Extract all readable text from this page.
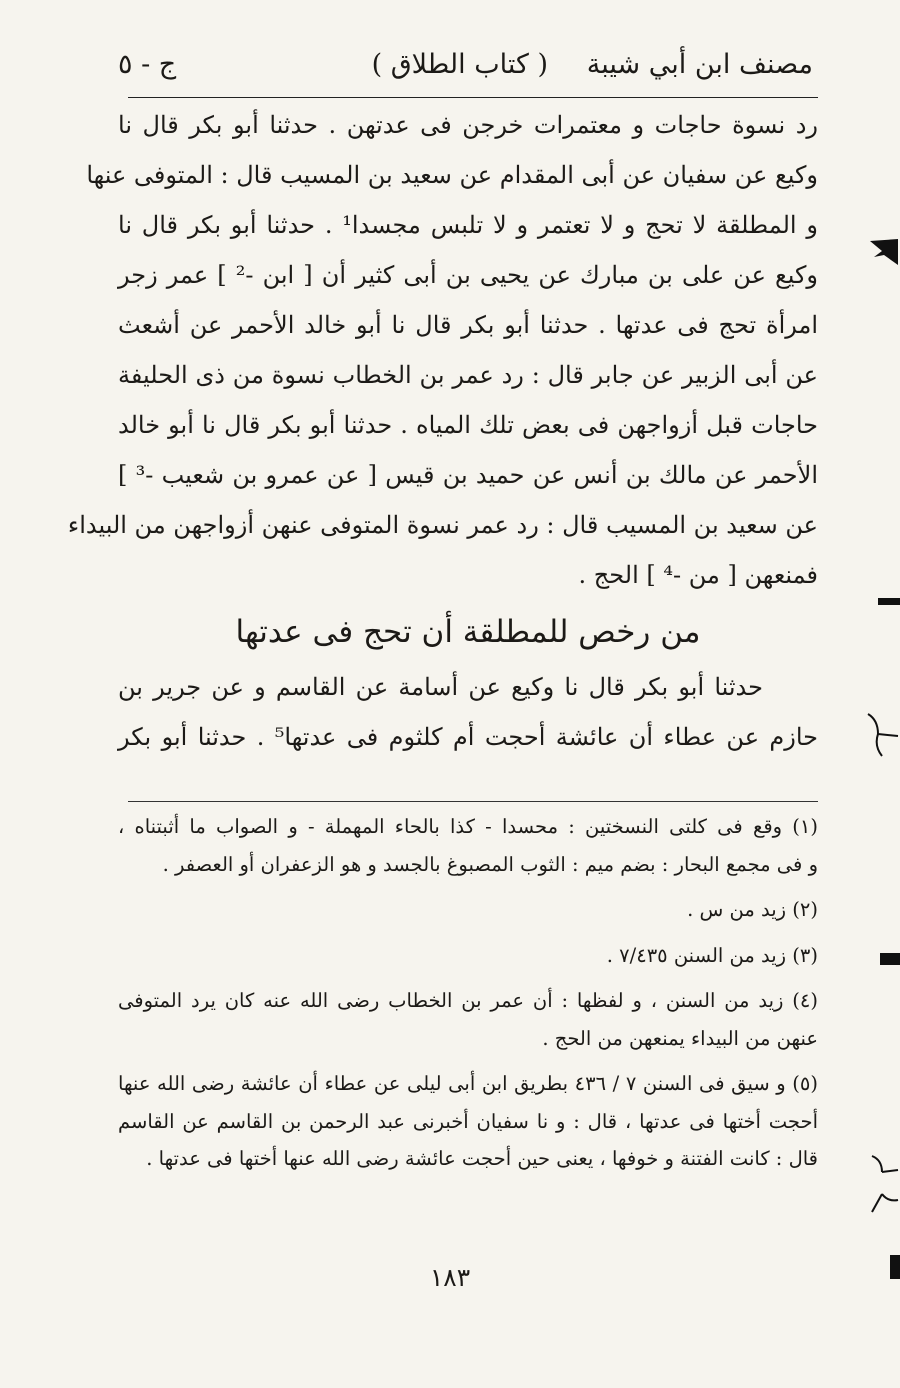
مصنف ابن أبي شيبة
( كتاب الطلاق )
ج - ٥
رد نسوة حاجات و معتمرات خرجن فى عدتهن . حدثنا أبو بكر قال نا
وكيع عن سفيان عن أبى المقدام عن سعيد بن المسيب قال : المتوفى عنها
و المطلقة لا تحج و لا تعتمر و لا تلبس مجسدا¹ . حدثنا أبو بكر قال نا
وكيع عن على بن مبارك عن يحيى بن أبى كثير أن [ ابن -² ] عمر زجر
امرأة تحج فى عدتها . حدثنا أبو بكر قال نا أبو خالد الأحمر عن أشعث
عن أبى الزبير عن جابر قال : رد عمر بن الخطاب نسوة من ذى الحليفة
حاجات قبل أزواجهن فى بعض تلك المياه . حدثنا أبو بكر قال نا أبو خالد
الأحمر عن مالك بن أنس عن حميد بن قيس [ عن عمرو بن شعيب -³ ]
عن سعيد بن المسيب قال : رد عمر نسوة المتوفى عنهن أزواجهن من البيداء
فمنعهن [ من -⁴ ] الحج .
من رخص للمطلقة أن تحج فى عدتها
حدثنا أبو بكر قال نا وكيع عن أسامة عن القاسم و عن جرير بن
حازم عن عطاء أن عائشة أحجت أم كلثوم فى عدتها⁵ . حدثنا أبو بكر
(١) وقع فى كلتى النسختين : محسدا - كذا بالحاء المهملة - و الصواب ما أثبتناه ،
و فى مجمع البحار : بضم ميم : الثوب المصبوغ بالجسد و هو الزعفران أو العصفر .
(٢) زيد من س .
(٣) زيد من السنن ٧/٤٣٥ .
(٤) زيد من السنن ، و لفظها : أن عمر بن الخطاب رضى الله عنه كان يرد المتوفى
عنهن من البيداء يمنعهن من الحج .
(٥) و سيق فى السنن ٧ / ٤٣٦ بطريق ابن أبى ليلى عن عطاء أن عائشة رضى الله عنها
أحجت أختها فى عدتها ، قال : و نا سفيان أخبرنى عبد الرحمن بن القاسم عن القاسم
قال : كانت الفتنة و خوفها ، يعنى حين أحجت عائشة رضى الله عنها أختها فى عدتها .
١٨٣
